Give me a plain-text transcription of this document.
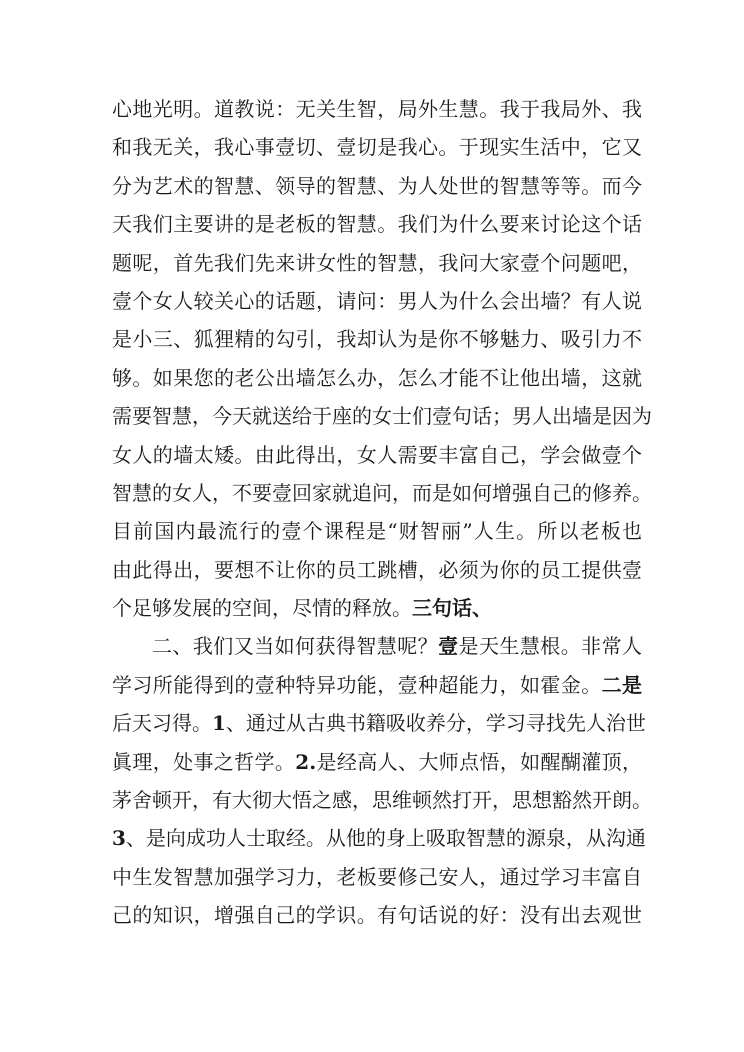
心地光明。道教说：无关生智，局外生慧。我于我局外、我
和我无关，我心事壹切、壹切是我心。于现实生活中，它又
分为艺术的智慧、领导的智慧、为人处世的智慧等等。而今
天我们主要讲的是老板的智慧。我们为什么要来讨论这个话
题呢，首先我们先来讲女性的智慧，我问大家壹个问题吧，
壹个女人较关心的话题，请问：男人为什么会出墙？有人说
是小三、狐狸精的勾引，我却认为是你不够魅力、吸引力不
够。如果您的老公出墙怎么办，怎么才能不让他出墙，这就
需要智慧，今天就送给于座的女士们壹句话；男人出墙是因为
女人的墙太矮。由此得出，女人需要丰富自己，学会做壹个
智慧的女人，不要壹回家就追问，而是如何增强自己的修养。
目前国内最流行的壹个课程是“财智丽”人生。所以老板也
由此得出，要想不让你的员工跳槽，必须为你的员工提供壹
个足够发展的空间，尽情的释放。三句话、
二、我们又当如何获得智慧呢？壹是天生慧根。非常人
学习所能得到的壹种特异功能，壹种超能力，如霍金。二是
后天习得。1、通过从古典书籍吸收养分，学习寻找先人治世
眞理，处事之哲学。2.是经高人、大师点悟，如醒醐灌顶，
茅舍顿开，有大彻大悟之感，思维顿然打开，思想豁然开朗。
3、是向成功人士取经。从他的身上吸取智慧的源泉，从沟通
中生发智慧加强学习力，老板要修己安人，通过学习丰富自
己的知识，增强自己的学识。有句话说的好：没有出去观世
